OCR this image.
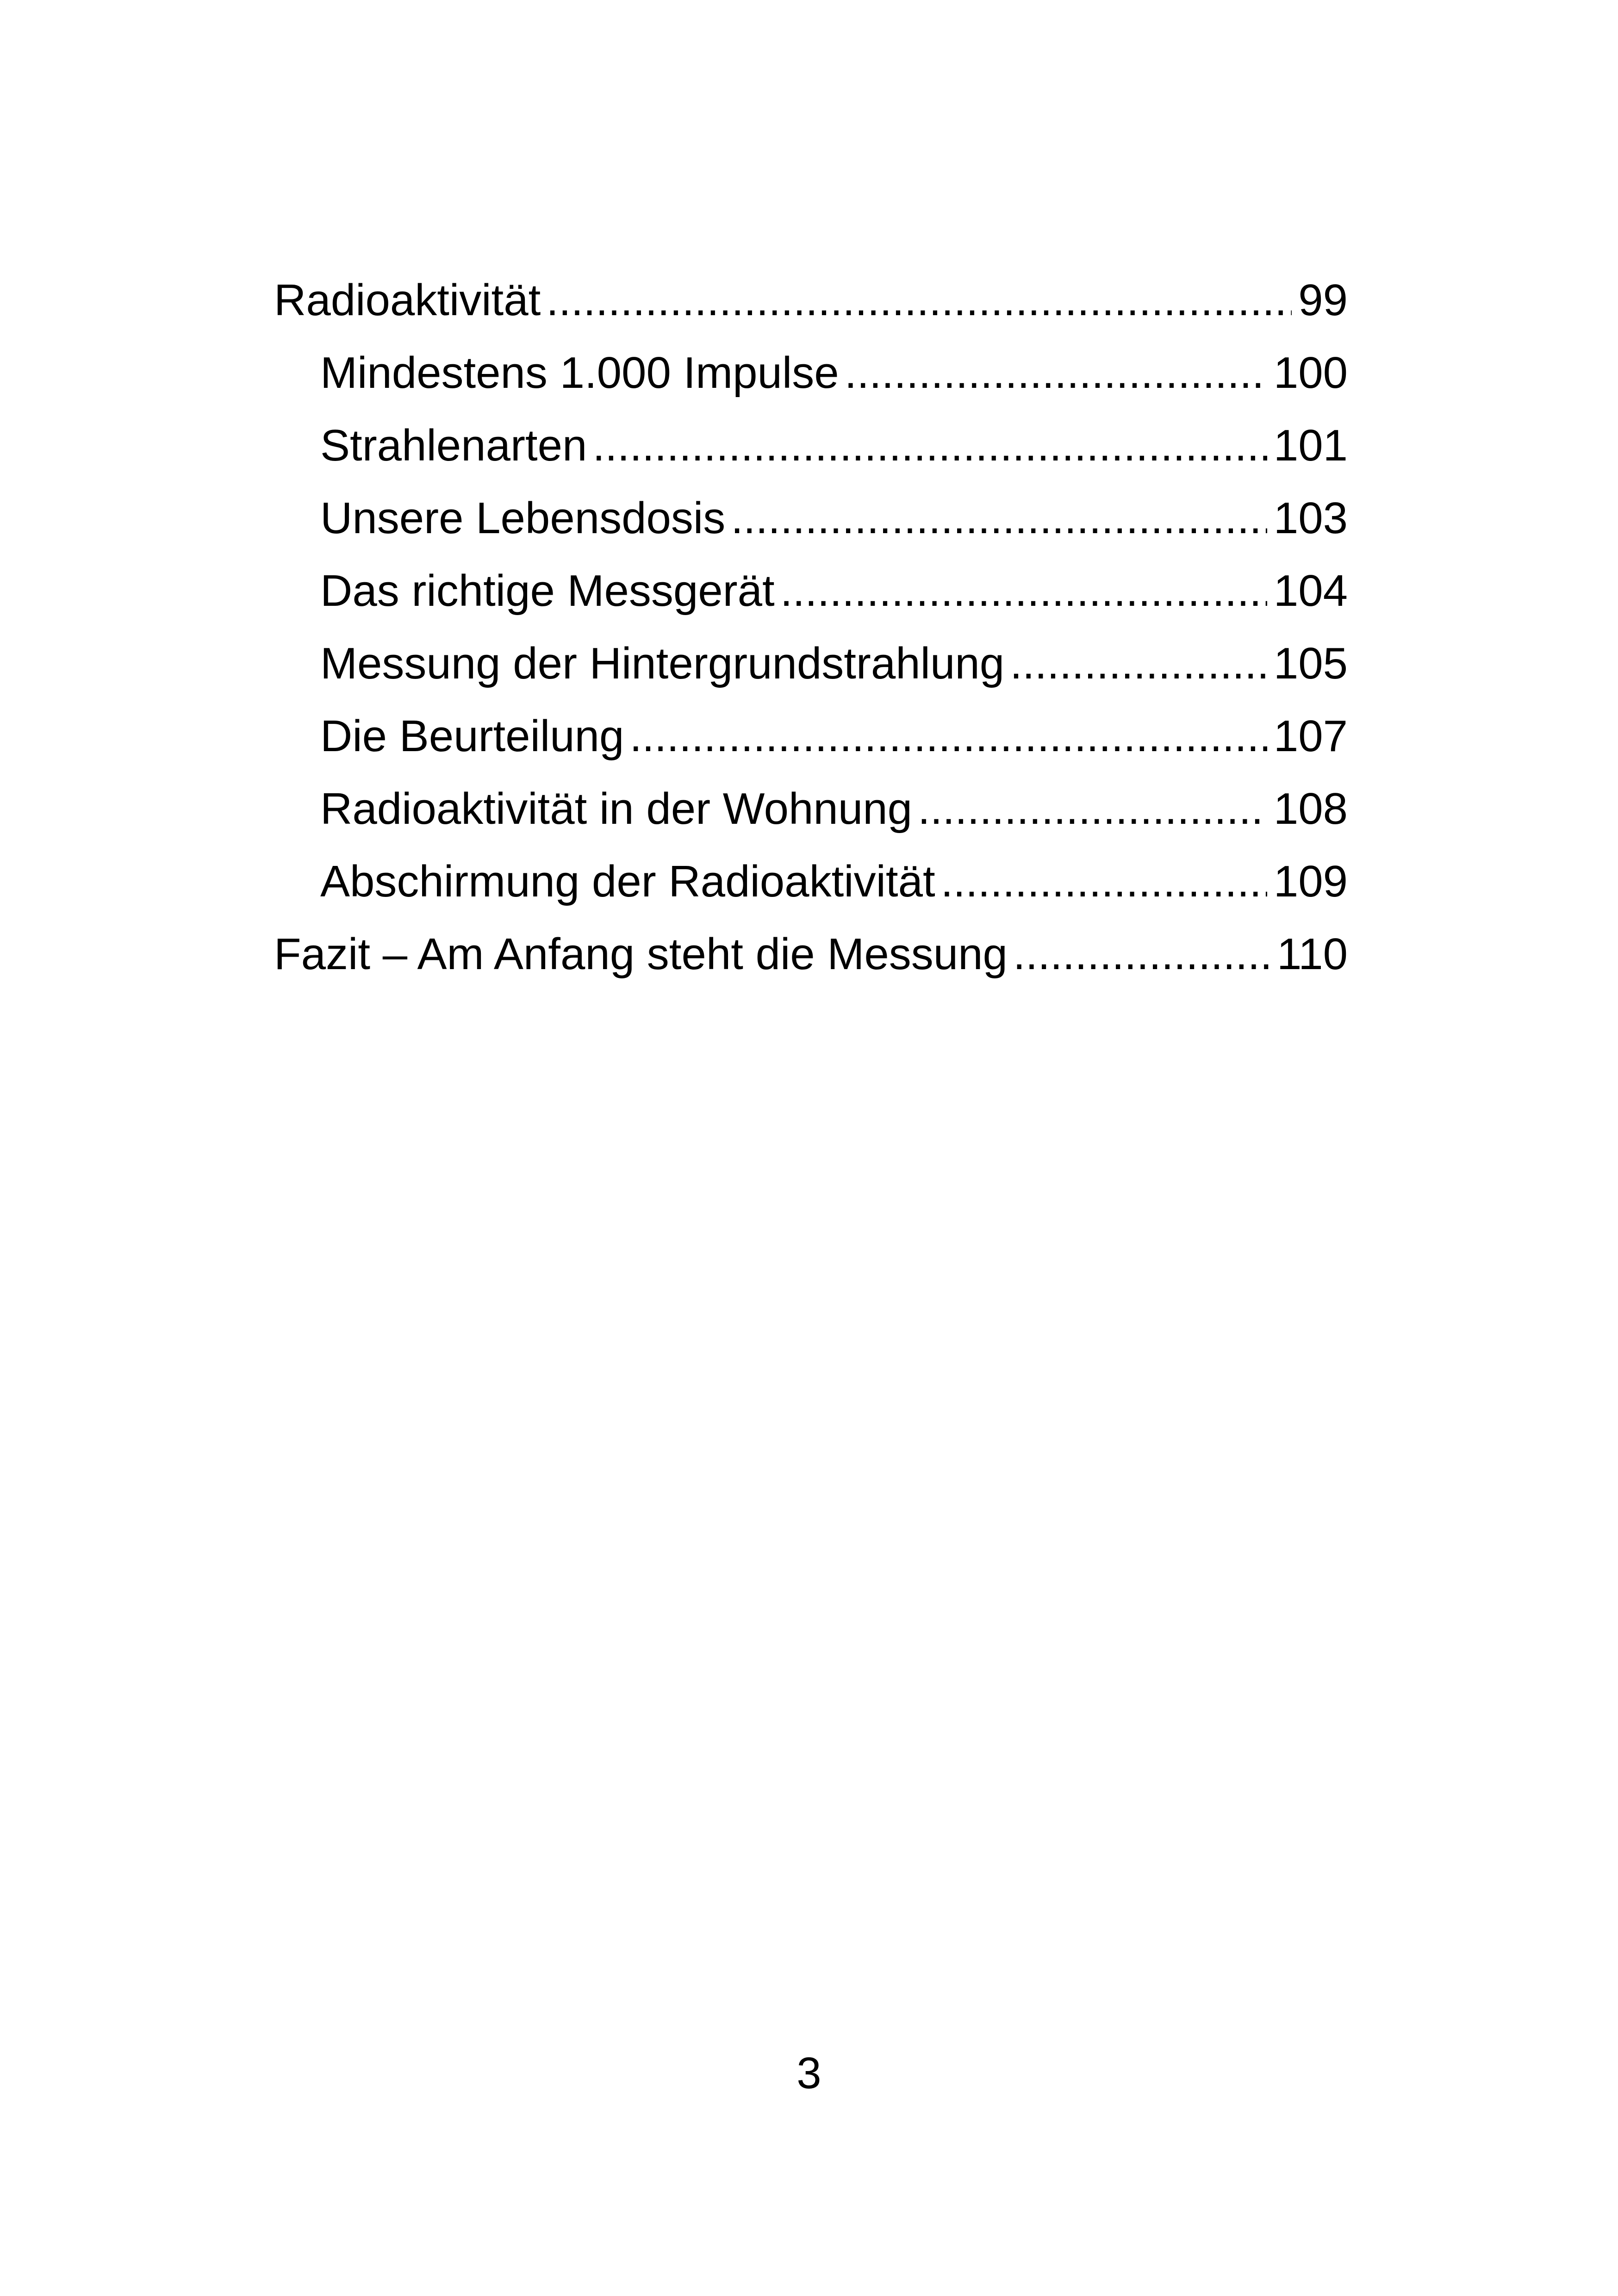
Radioaktivität .....	99
Mindestens 1.000 Impulse .....	100
Strahlenarten .....	101
Unsere Lebensdosis .....	103
Das richtige Messgerät .....	104
Messung der Hintergrundstrahlung .....	105
Die Beurteilung .....	107
Radioaktivität in der Wohnung .....	108
Abschirmung der Radioaktivität .....	109
Fazit – Am Anfang steht die Messung .....	110
3
